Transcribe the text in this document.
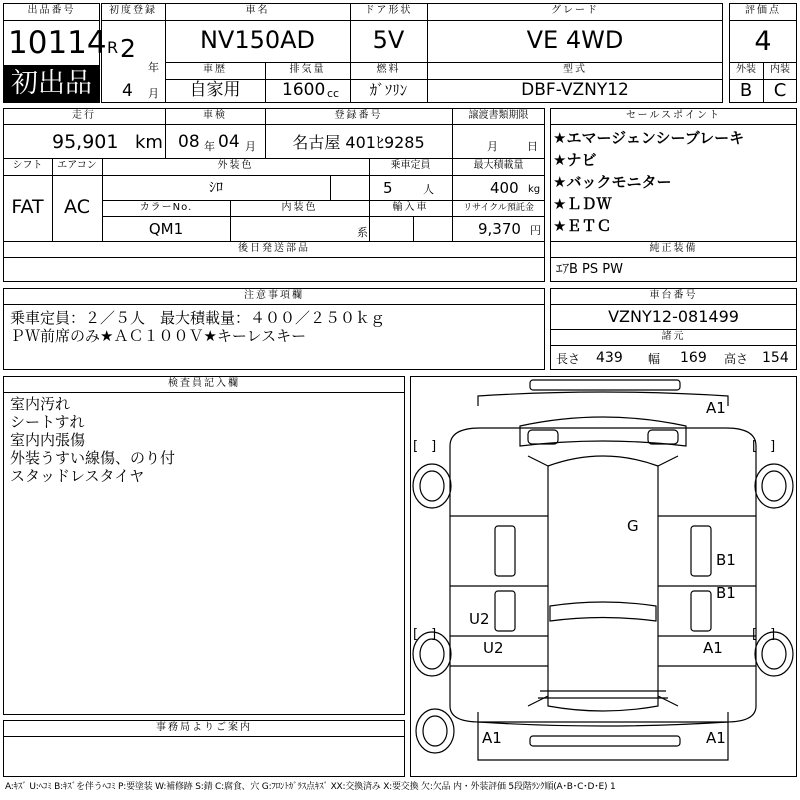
出品番号
10114
初出品
初度登録
R 2
年
4 月
車名
NV150AD
ドア形状
5V
グレード
VE 4WD
車歴
自家用
排気量
1600 cc
燃料
ｶﾞｿﾘﾝ
型式
DBF-VZNY12
評価点
4
外装	内装
B	C
走行
95,901 km
車検
08 年 04 月
登録番号
名古屋 401ﾋ9285
譲渡書類期限
月	日
シフト
FAT
エアコン
AC
外装色
ｼﾛ
乗車定員
5	人
最大積載量
400 kg
カラーNo.
QM1
内装色
系
輸入車	リサイクル預託金
9,370 円
後日発送部品
セールスポイント
★エマージェンシーブレーキ
★ナビ
★バックモニター
★ＬＤＷ
★ＥＴＣ
純正装備
ｴｱB PS PW
注意事項欄
乗車定員：２／５人　最大積載量：４００／２５０ｋｇ
ＰＷ前席のみ★ＡＣ１００Ｖ★キーレスキー
車台番号
VZNY12-081499
諸元
長さ 439 幅 169 高さ 154
検査員記入欄
室内汚れ
シートすれ
室内内張傷
外装うすい線傷、のり付
スタッドレスタイヤ
事務局よりご案内
[　]	[　]
[　]	[　]
A1
G
B1
B1
U2
U2	A1
A1	A1
A:ｷｽﾞ U:ﾍｺﾐ B:ｷｽﾞを伴うﾍｺﾐ P:要塗装 W:補修跡 S:錆 C:腐食、穴 G:ﾌﾛﾝﾄｶﾞﾗｽ点ｷｽﾞ XX:交換済み X:要交換 欠:欠品 内・外装評価 5段階ﾗﾝｸ順(A･B･C･D･E) 1
